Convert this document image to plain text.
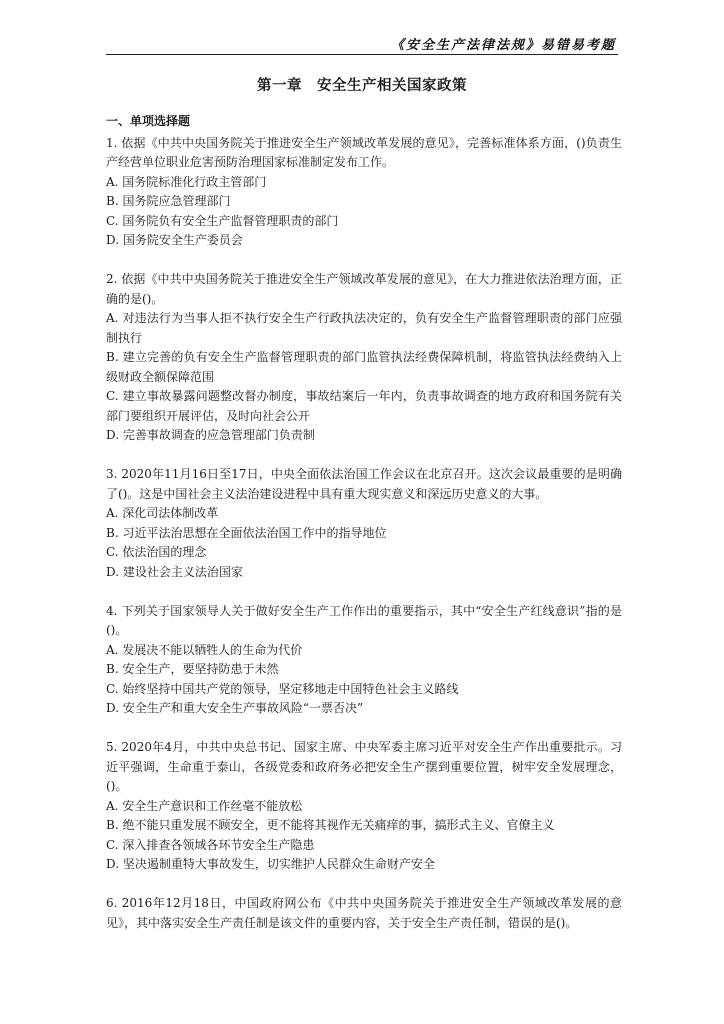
《安全生产法律法规》易错易考题
第一章　安全生产相关国家政策
一、单项选择题
1. 依据《中共中央国务院关于推进安全生产领域改革发展的意见》，完善标准体系方面，()负责生产经营单位职业危害预防治理国家标准制定发布工作。
A. 国务院标准化行政主管部门
B. 国务院应急管理部门
C. 国务院负有安全生产监督管理职责的部门
D. 国务院安全生产委员会
2. 依据《中共中央国务院关于推进安全生产领域改革发展的意见》，在大力推进依法治理方面，正确的是()。
A. 对违法行为当事人拒不执行安全生产行政执法决定的，负有安全生产监督管理职责的部门应强制执行
B. 建立完善的负有安全生产监督管理职责的部门监管执法经费保障机制，将监管执法经费纳入上级财政全额保障范围
C. 建立事故暴露问题整改督办制度，事故结案后一年内，负责事故调查的地方政府和国务院有关部门要组织开展评估，及时向社会公开
D. 完善事故调查的应急管理部门负责制
3. 2020年11月16日至17日，中央全面依法治国工作会议在北京召开。这次会议最重要的是明确了()。这是中国社会主义法治建设进程中具有重大现实意义和深远历史意义的大事。
A. 深化司法体制改革
B. 习近平法治思想在全面依法治国工作中的指导地位
C. 依法治国的理念
D. 建设社会主义法治国家
4. 下列关于国家领导人关于做好安全生产工作作出的重要指示，其中“安全生产红线意识”指的是()。
A. 发展决不能以牺牲人的生命为代价
B. 安全生产，要坚持防患于未然
C. 始终坚持中国共产党的领导，坚定移地走中国特色社会主义路线
D. 安全生产和重大安全生产事故风险“一票否决”
5. 2020年4月，中共中央总书记、国家主席、中央军委主席习近平对安全生产作出重要批示。习近平强调，生命重于泰山，各级党委和政府务必把安全生产摆到重要位置，树牢安全发展理念，()。
A. 安全生产意识和工作丝毫不能放松
B. 绝不能只重发展不顾安全，更不能将其视作无关痛痒的事，搞形式主义、官僚主义
C. 深入排查各领域各环节安全生产隐患
D. 坚决遏制重特大事故发生，切实维护人民群众生命财产安全
6. 2016年12月18日，中国政府网公布《中共中央国务院关于推进安全生产领域改革发展的意见》，其中落实安全生产责任制是该文件的重要内容，关于安全生产责任制，错误的是()。
